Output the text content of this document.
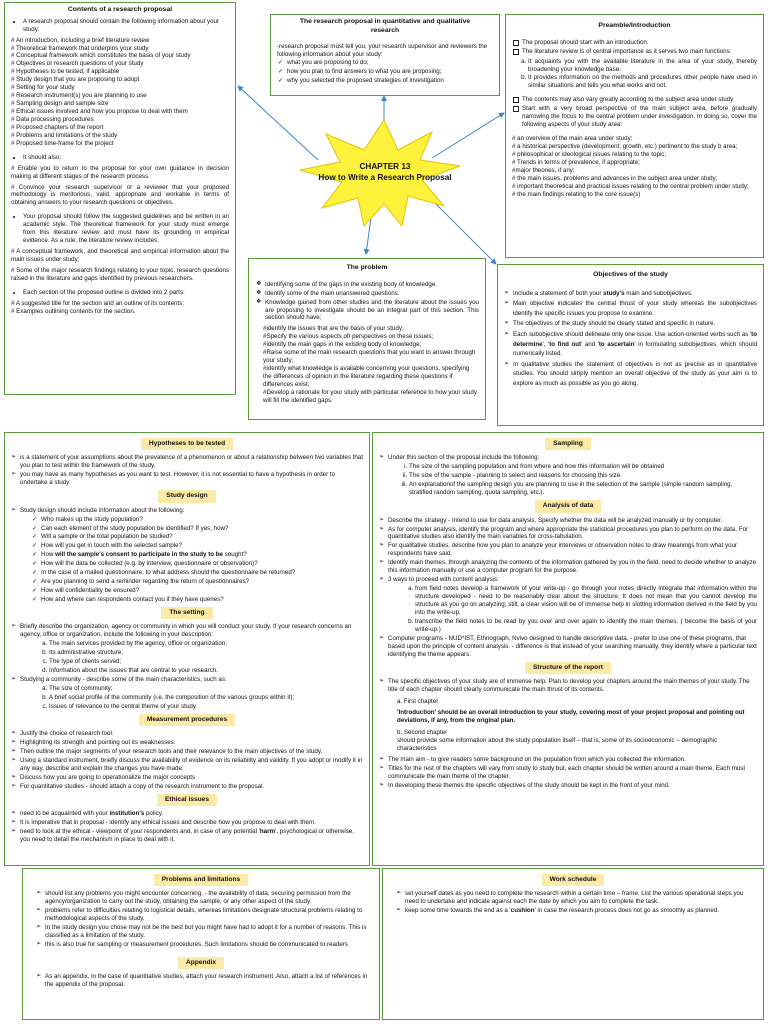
CHAPTER 13
How to Write a Research Proposal
Contents of a research proposal
• A research proposal should contain the following information about your study:
# An introduction, including a brief literature review
# Theoretical framework that underpins your study
# Conceptual framework which constitutes the basis of your study
# Objectives or research questions of your study
# Hypotheses to be tested, if applicable
# Study design that you are proposing to adopt
# Setting for your study
# Research instrument(s) you are planning to use
# Sampling design and sample size
# Ethical issues involved and how you propose to deal with them
# Data processing procedures
# Proposed chapters of the report
# Problems and limitations of the study
# Proposed time-frame for the project
• It should also:

# Enable you to return to the proposal for your own guidance in decision making at different stages of the research process.

# Convince your research supervisor or a reviewer that your proposed methodology is meritorious, valid, appropriate and workable in terms of obtaining answers to your research questions or objectives.

• Your proposal should follow the suggested guidelines and be written in an academic style. The theoretical framework for your study must emerge from this literature review and must have its grounding in empirical evidence. As a rule, the literature review includes:

# A conceptual framework, and theoretical and empirical information about the main issues under study;

# Some of the major research findings relating to your topic, research questions raised in the literature and gaps identified by previous researchers.

• Each section of the proposed outline is divided into 2 parts:
# A suggested title for the section and an outline of its contents;
# Examples outlining contents for the section.
The research proposal in quantitative and qualitative research

-research proposal must tell you, your research supervisor and reviewers the following information about your study:

✓ what you are proposing to do;
✓ how you plan to find answers to what you are proposing;
✓ why you selected the proposed strategies of investigation
Preamble/Introduction
The proposal should start with an introduction.
The literature review is of central importance as it serves two main functions:
a. It acquaints you with the available literature in the area of your study, thereby broadening your knowledge base.
b. It provides information on the methods and procedures other people have used in similar situations and tells you what works and not.
The contents may also vary greatly according to the subject area under study
Start with a very broad perspective of the main subject area, before gradually narrowing the focus to the central problem under investigation. In doing so, cover the following aspects of your study area:
# an overview of the main area under study;
# a historical perspective (development, growth, etc.) pertinent to the study b area;
# philosophical or ideological issues relating to the topic;
# Trends in terms of prevalence, if appropriate;
#major theories, if any;
# the main issues, problems and advances in the subject area under study;
# important theoretical and practical issues relating to the central problem under study;
# the main findings relating to the core issue(s)
The problem
❖ Identifying some of the gaps in the existing body of knowledge.
❖ Identify some of the main unanswered questions.
❖ Knowledge gained from other studies and the literature about the issues you are proposing to investigate should be an integral part of this section. This section should have;
#identify the issues that are the basis of your study;
#Specify the various aspects of/ perspectives on these issues;
#identify the main gaps in the existing body of knowledge;
#Raise some of the main research questions that you want to answer through your study;
#identify what knowledge is available concerning your questions, specifying the differences of opinion in the literature regarding these questions if differences exist;
#Develop a rationale for your study with particular reference to how your study will fill the identified gaps.
Objectives of the study
➢ Include a statement of both your study's main and subobjectives.
➢ Main objective indicates the central thrust of your study whereas the subobjectives identify the specific issues you propose to examine.
➢ The objectives of the study should be clearly stated and specific in nature.
➢ Each subobjective should delineate only one issue. Use action-oriented verbs such as 'to determine', 'to find out' and 'to ascertain' in formulating subobjectives, which should numerically listed.
➢ In qualitative studies the statement of objectives is not as precise as in quantitative studies. You should simply mention an overall objective of the study as your aim is to explore as much as possible as you go along.
Hypotheses to be tested
➢ is a statement of your assumptions about the prevalence of a phenomenon or about a relationship between two variables that you plan to test within the framework of the study.
➢ you may have as many hypotheses as you want to test. However, it is not essential to have a hypothesis in order to undertake a study
Study design
➢ Study design should include information about the following:
✓ Who makes up the study population?
✓ Can each element of the study population be identified? If yes, how?
✓ Will a sample or the total population be studied?
✓ How will you get in touch with the selected sample?
✓ How will the sample's consent to participate in the study to be sought?
✓ How will the data be collected (e.g. by interview, questionnaire or observation)?
✓ In the case of a mailed questionnaire, to what address should the questionnaire be returned?
✓ Are you planning to send a reminder regarding the return of questionnaires?
✓ How will confidentiality be ensured?
✓ How and where can respondents contact you if they have queries?
The setting
➢ Briefly describe the organization, agency or community in which you will conduct your study. If your research concerns an agency, office or organization, include the following in your description:
a. The main services provided by the agency, office or organization;
b. Its administrative structure;
c. The type of clients served;
d. Information about the issues that are central to your research.
➢ Studying a community - describe some of the main characteristics, such as:
a. The size of community;
b. A brief social profile of the community (i.e. the composition of the various groups within it);
c. Issues of relevance to the central theme of your study
Measurement procedures
➢ Justify the choice of research tool.
➢ Highlighting its strength and pointing out its weaknesses.
➢ Then outline the major segments of your research tools and their relevance to the main objectives of the study.
➢ Using a standard instrument, briefly discuss the availability of evidence on its reliability and validity. If you adopt or modify it in any way, describe and explain the changes you have made.
➢ Discuss how you are going to operationalize the major concepts
➢ For quantitative studies - should attach a copy of the research instrument to the proposal.
Ethical issues
➢ need to be acquainted with your institution's policy.
➢ It is imperative that in proposal - identify any ethical issues and describe how you propose to deal with them.
➢ need to look at the ethical - viewpoint of your respondents and, in case of any potential 'harm', psychological or otherwise, you need to detail the mechanism in place to deal with it.
Sampling
➢ Under this section of the proposal include the following:
i. The size of the sampling population and from where and how this information will be obtained
ii. The size of the sample - planning to select and reasons for choosing this size.
iii. An explanationof the sampling design you are planning to use in the selection of the sample (simple random sampling, stratified random sampling, quota sampling, etc.).
Analysis of data
➢ Describe the strategy - Intend to use for data analysis. Specify whether the data will be analyzed manually or by computer.
➢ As for computer analysis, identify the program and where appropriate the statistical procedures you plan to perform on the data. For quantitative studies also identify the main variables for cross-tabulation.
➢ For qualitative studies, describe how you plan to analyze your interviews or observation notes to draw meanings from what your respondents have said.
➢ Identify main themes, through analyzing the contents of the information gathered by you in the field. need to decide whether to analyze this information manually or use a computer program for the purpose.
➢ 3 ways to proceed with content analysis:
a. from field notes develop a framework of your write-up - go through your notes directly integrate that information within the structure developed - need to be reasonably clear about the structure. It does not mean that you cannot develop the structure as you go on analyzing; still, a clear vision will be of immense help in slotting information derived in the field by you into the write-up.
b. transcribe the field notes to be read by you over and over again to identify the main themes. ( become the basis of your write-up.)
➢ Computer programs - NUD*IST, Ethnograph, Nvivo designed to handle descriptive data. - prefer to use one of these programs, that based upon the principle of content analysis. - difference is that instead of your searching manually, they identify where a particular text identifying the theme appears.
Structure of the report
➢ The specific objectives of your study are of immense help. Plan to develop your chapters around the main themes of your study. The title of each chapter should clearly communicate the main thrust of its contents.
a. First chapter
'Introduction' should be an overall introduction to your study, covering most of your project proposal and pointing out deviations, if any, from the original plan.
b. Second chapter
should provide some information about the study population itself – that is, some of its socioeconomic – demographic characteristics
➢ The main aim - to give readers some background on the population from which you collected the information.
➢ Titles for the rest of the chapters will vary from study to study but, each chapter should be written around a main theme. Each must communicate the main theme of the chapter.
➢ In developing these themes the specific objectives of the study should be kept in the front of your mind.
Problems and limitations
➢ should list any problems you might encounter concerning. - the availability of data, securing permission from the agency/organization to carry out the study, obtaining the sample, or any other aspect of the study.
➢ problems refer to difficulties relating to logistical details, whereas limitations designate structural problems relating to methodological aspects of the study.
➢ In the study design you chose may not be the best but you might have had to adopt it for a number of reasons. This is classified as a limitation of the study.
➢ this is also true for sampling or measurement procedures. Such limitations should be communicated to readers
Appendix
➢ As an appendix, in the case of quantitative studies, attach your research instrument. Also, attach a list of references in the appendix of the proposal.
Work schedule
➢ set yourself dates as you need to complete the research within a certain time – frame. List the various operational steps you need to undertake and indicate against each the date by which you aim to complete the task.
➢ keep some time towards the end as a 'cushion' in case the research process does not go as smoothly as planned.
